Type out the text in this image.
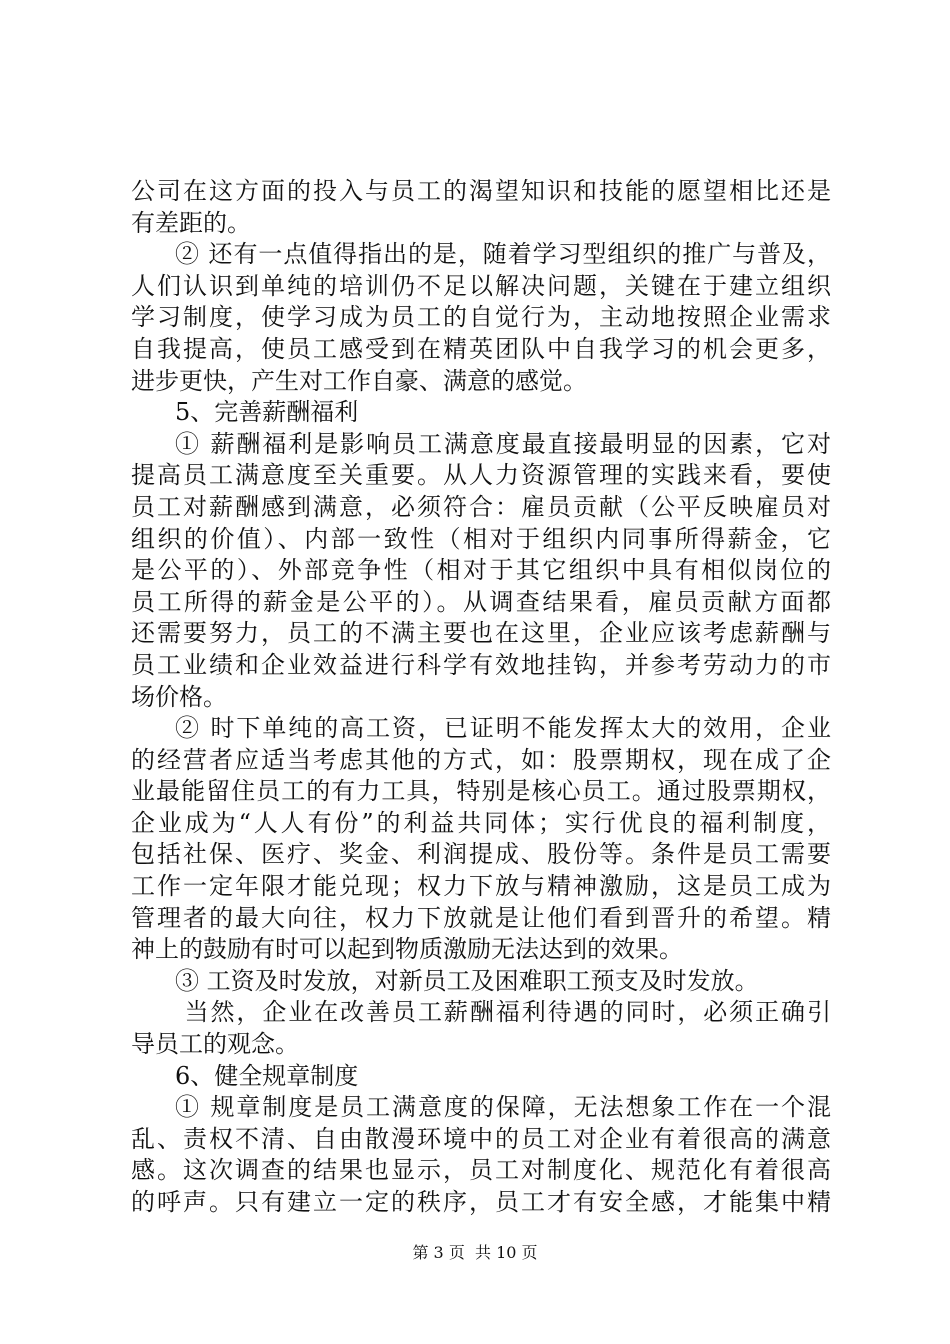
公司在这方面的投入与员工的渴望知识和技能的愿望相比还是
有差距的。
② 还有一点值得指出的是，随着学习型组织的推广与普及，
人们认识到单纯的培训仍不足以解决问题，关键在于建立组织
学习制度，使学习成为员工的自觉行为，主动地按照企业需求
自我提高，使员工感受到在精英团队中自我学习的机会更多，
进步更快，产生对工作自豪、满意的感觉。
5、完善薪酬福利
① 薪酬福利是影响员工满意度最直接最明显的因素，它对
提高员工满意度至关重要。从人力资源管理的实践来看，要使
员工对薪酬感到满意，必须符合：雇员贡献（公平反映雇员对
组织的价值）、内部一致性（相对于组织内同事所得薪金，它
是公平的）、外部竞争性（相对于其它组织中具有相似岗位的
员工所得的薪金是公平的）。从调查结果看，雇员贡献方面都
还需要努力，员工的不满主要也在这里，企业应该考虑薪酬与
员工业绩和企业效益进行科学有效地挂钩，并参考劳动力的市
场价格。
② 时下单纯的高工资，已证明不能发挥太大的效用，企业
的经营者应适当考虑其他的方式，如：股票期权，现在成了企
业最能留住员工的有力工具，特别是核心员工。通过股票期权，
企业成为“人人有份”的利益共同体；实行优良的福利制度，
包括社保、医疗、奖金、利润提成、股份等。条件是员工需要
工作一定年限才能兑现；权力下放与精神激励，这是员工成为
管理者的最大向往，权力下放就是让他们看到晋升的希望。精
神上的鼓励有时可以起到物质激励无法达到的效果。
③ 工资及时发放，对新员工及困难职工预支及时发放。
当然，企业在改善员工薪酬福利待遇的同时，必须正确引
导员工的观念。
6、健全规章制度
① 规章制度是员工满意度的保障，无法想象工作在一个混
乱、责权不清、自由散漫环境中的员工对企业有着很高的满意
感。这次调查的结果也显示，员工对制度化、规范化有着很高
的呼声。只有建立一定的秩序，员工才有安全感，才能集中精
第 3 页  共 10 页
